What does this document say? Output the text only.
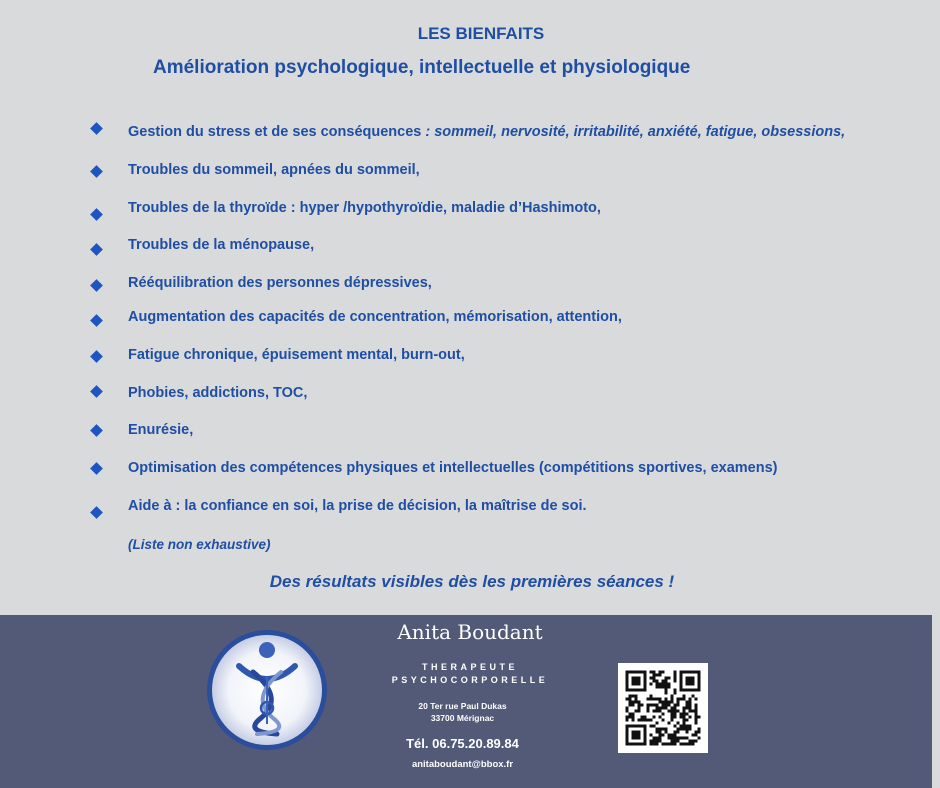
LES BIENFAITS
Amélioration psychologique, intellectuelle et physiologique
Gestion du stress et de ses conséquences : sommeil, nervosité, irritabilité, anxiété, fatigue, obsessions,
Troubles du sommeil, apnées du sommeil,
Troubles de la thyroïde : hyper /hypothyroïdie, maladie d’Hashimoto,
Troubles de la ménopause,
Rééquilibration des personnes dépressives,
Augmentation des capacités de concentration, mémorisation, attention,
Fatigue chronique, épuisement mental, burn-out,
Phobies, addictions, TOC,
Enurésie,
Optimisation des compétences physiques et intellectuelles (compétitions sportives, examens)
Aide à : la confiance en soi, la prise de décision, la maîtrise de soi.
(Liste non exhaustive)
Des résultats visibles dès les premières séances !
Anita Boudant
THERAPEUTE
PSYCHOCORPORELLE
20 Ter rue Paul Dukas
33700 Mérignac
Tél. 06.75.20.89.84
anitaboudant@bbox.fr
